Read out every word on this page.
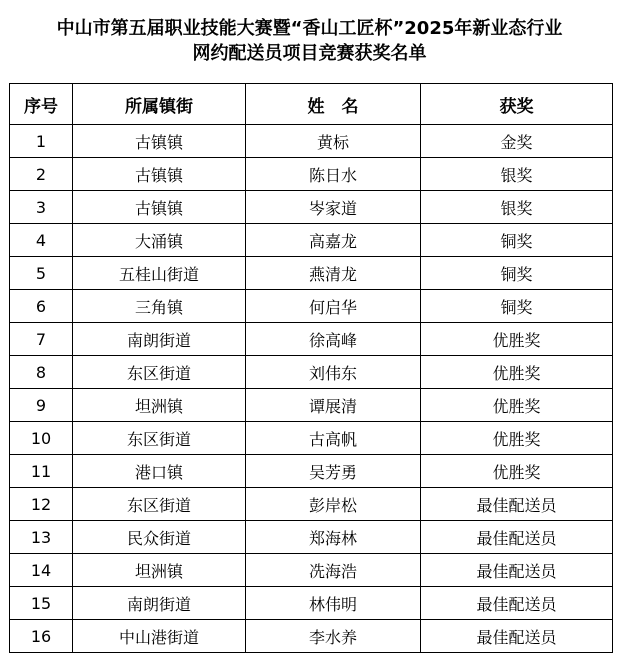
中山市第五届职业技能大赛暨“香山工匠杯”2025年新业态行业
网约配送员项目竞赛获奖名单
序号	所属镇街	姓　名	获奖
1	古镇镇	黄标	金奖
2	古镇镇	陈日水	银奖
3	古镇镇	岑家道	银奖
4	大涌镇	高嘉龙	铜奖
5	五桂山街道	燕清龙	铜奖
6	三角镇	何启华	铜奖
7	南朗街道	徐高峰	优胜奖
8	东区街道	刘伟东	优胜奖
9	坦洲镇	谭展清	优胜奖
10	东区街道	古高帆	优胜奖
11	港口镇	吴芳勇	优胜奖
12	东区街道	彭岸松	最佳配送员
13	民众街道	郑海林	最佳配送员
14	坦洲镇	冼海浩	最佳配送员
15	南朗街道	林伟明	最佳配送员
16	中山港街道	李水养	最佳配送员
